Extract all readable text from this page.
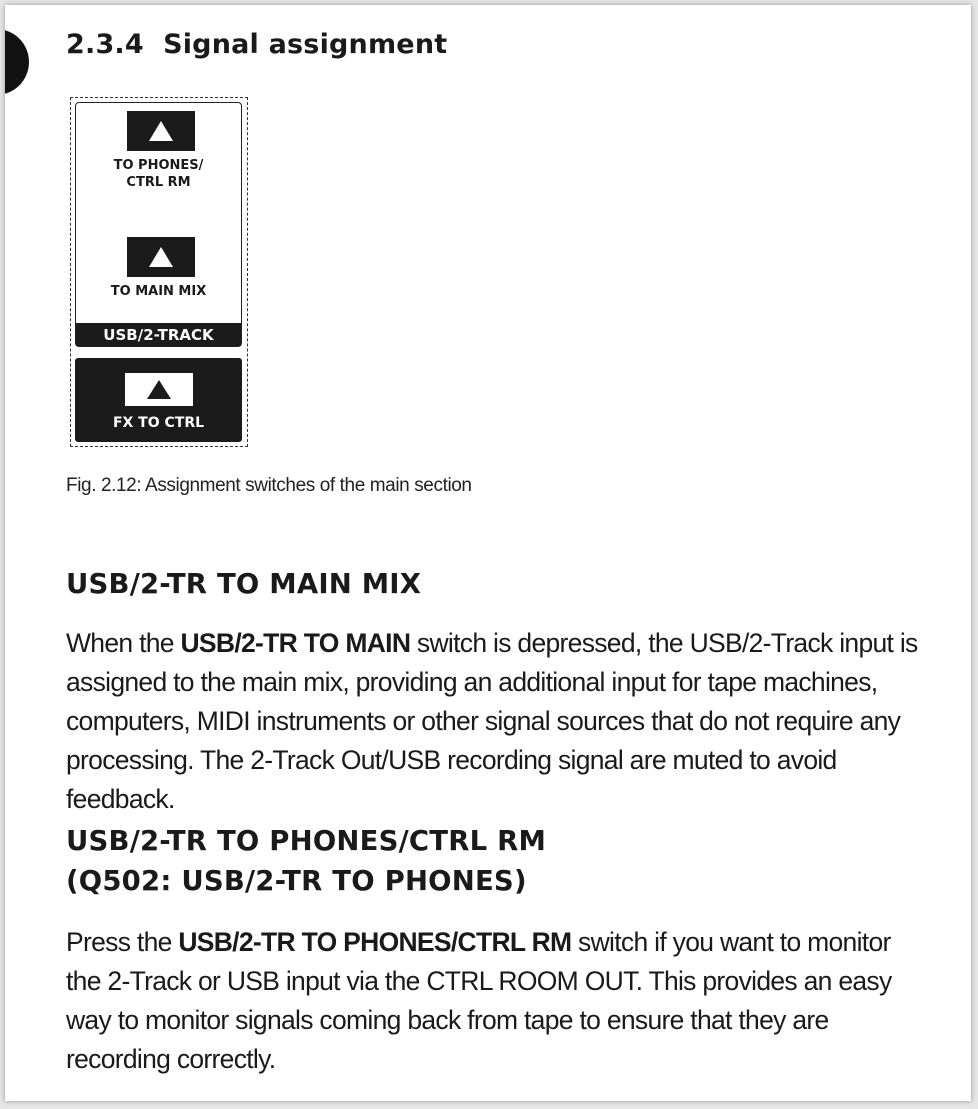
2.3.4 Signal assignment
TO PHONES/
CTRL RM
TO MAIN MIX
USB/2-TRACK
FX TO CTRL

Fig. 2.12: Assignment switches of the main section

USB/2-TR TO MAIN MIX

When the USB/2-TR TO MAIN switch is depressed, the USB/2-Track input is assigned to the main mix, providing an additional input for tape machines, computers, MIDI instruments or other signal sources that do not require any processing. The 2-Track Out/USB recording signal are muted to avoid feedback.

USB/2-TR TO PHONES/CTRL RM
(Q502: USB/2-TR TO PHONES)

Press the USB/2-TR TO PHONES/CTRL RM switch if you want to monitor the 2-Track or USB input via the CTRL ROOM OUT. This provides an easy way to monitor signals coming back from tape to ensure that they are recording correctly.
